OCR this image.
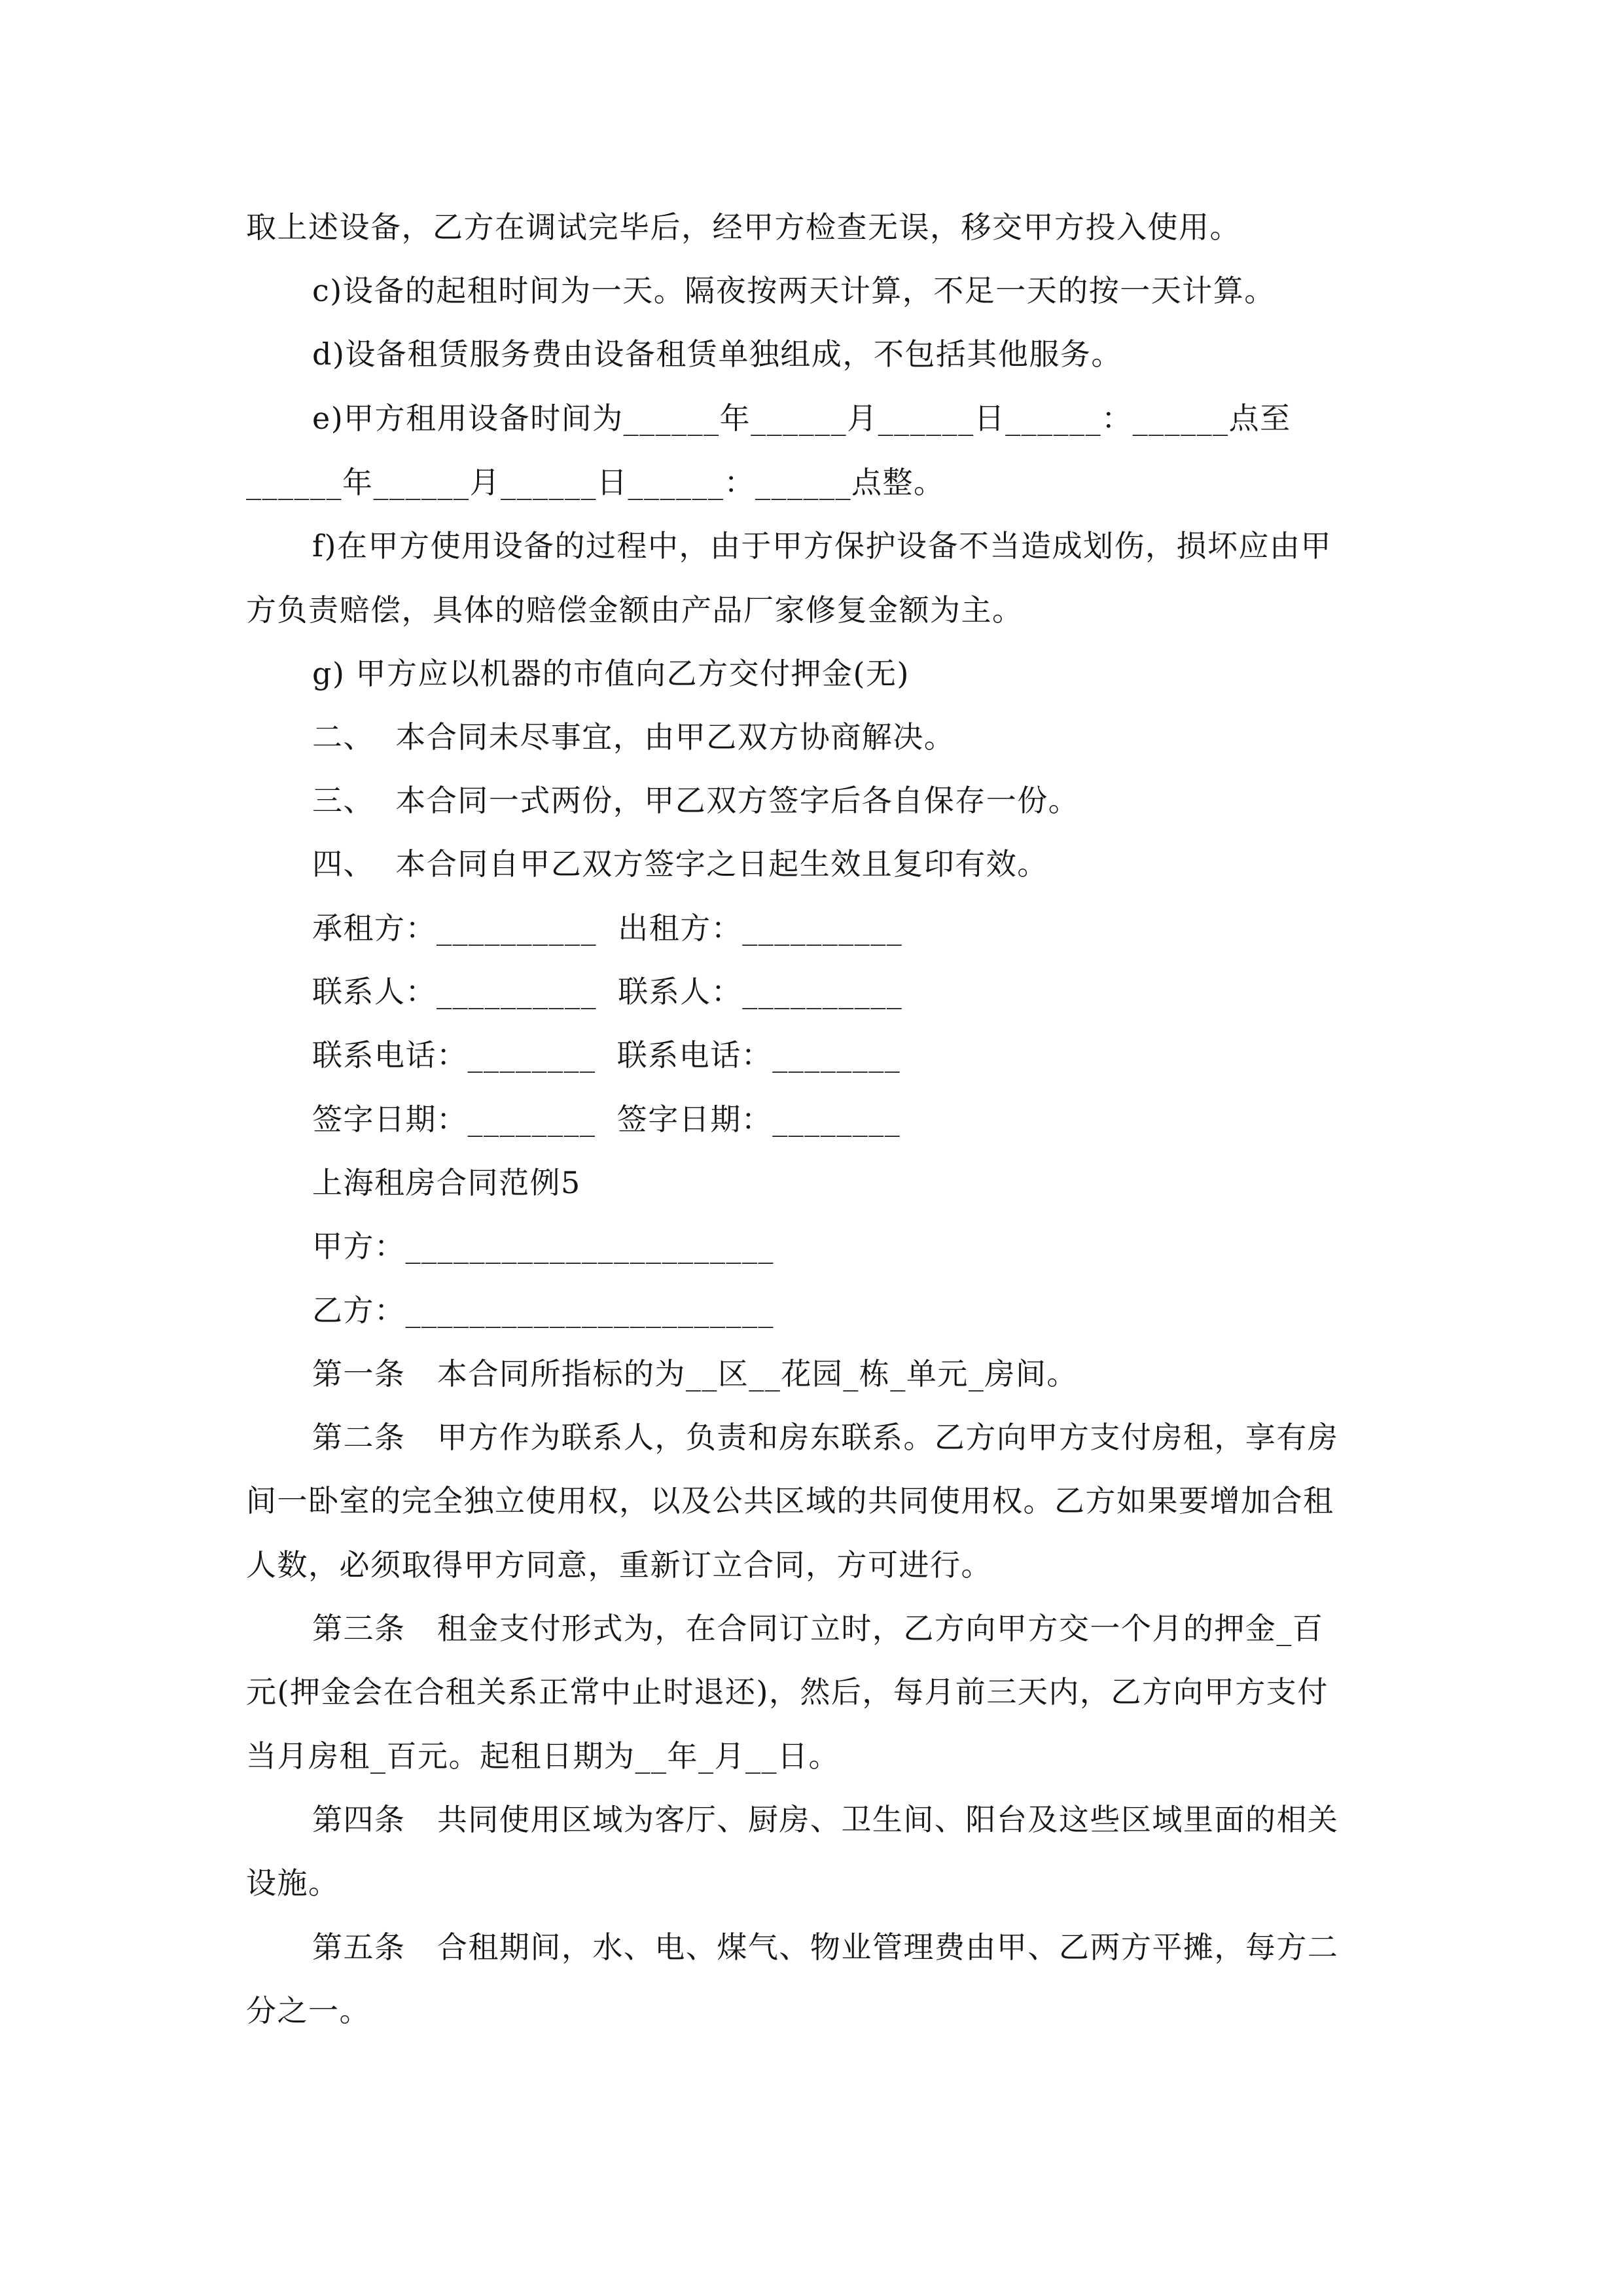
取上述设备，乙方在调试完毕后，经甲方检查无误，移交甲方投入使用。
c)设备的起租时间为一天。隔夜按两天计算，不足一天的按一天计算。
d)设备租赁服务费由设备租赁单独组成，不包括其他服务。
e)甲方租用设备时间为______年______月______日______：______点至
______年______月______日______：______点整。
f)在甲方使用设备的过程中，由于甲方保护设备不当造成划伤，损坏应由甲
方负责赔偿，具体的赔偿金额由产品厂家修复金额为主。
g) 甲方应以机器的市值向乙方交付押金(无)
二、  本合同未尽事宜，由甲乙双方协商解决。
三、  本合同一式两份，甲乙双方签字后各自保存一份。
四、  本合同自甲乙双方签字之日起生效且复印有效。
承租方：__________  出租方：__________
联系人：__________  联系人：__________
联系电话：________  联系电话：________
签字日期：________  签字日期：________
上海租房合同范例5
甲方：_______________________
乙方：_______________________
第一条   本合同所指标的为__区__花园_栋_单元_房间。
第二条   甲方作为联系人，负责和房东联系。乙方向甲方支付房租，享有房
间一卧室的完全独立使用权，以及公共区域的共同使用权。乙方如果要增加合租
人数，必须取得甲方同意，重新订立合同，方可进行。
第三条   租金支付形式为，在合同订立时，乙方向甲方交一个月的押金_百
元(押金会在合租关系正常中止时退还)，然后，每月前三天内，乙方向甲方支付
当月房租_百元。起租日期为__年_月__日。
第四条   共同使用区域为客厅、厨房、卫生间、阳台及这些区域里面的相关
设施。
第五条   合租期间，水、电、煤气、物业管理费由甲、乙两方平摊，每方二
分之一。
